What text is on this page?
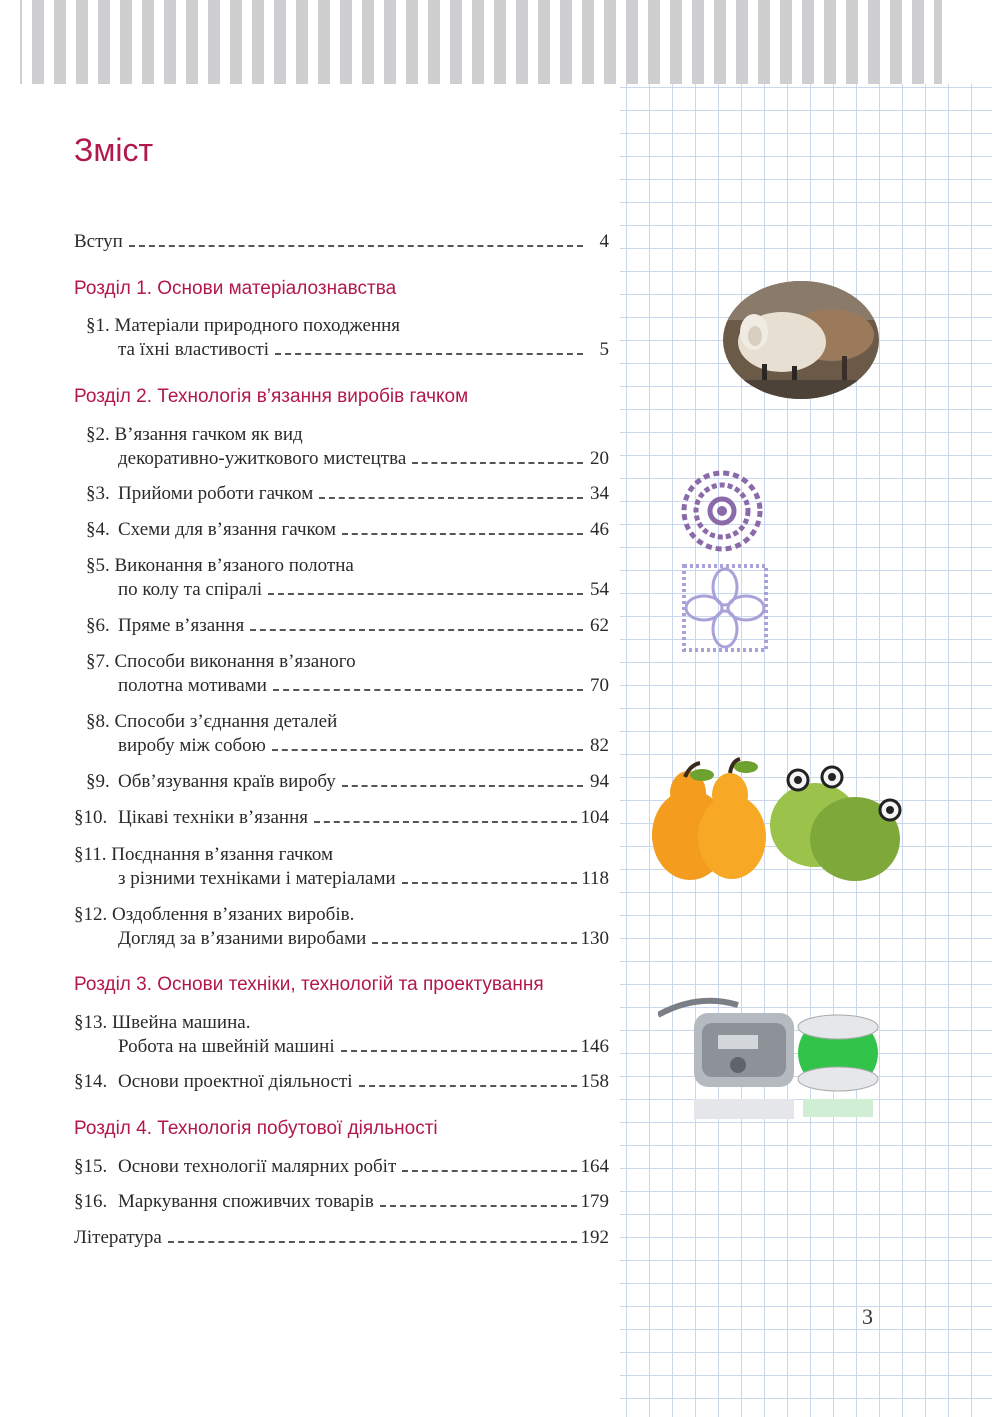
Зміст
Вступ	4
Розділ 1. Основи матеріалознавства
§1. Матеріали природного походження
та їхні властивості	5
Розділ 2. Технологія в’язання виробів гачком
§2. В’язання гачком як вид
декоративно-ужиткового мистецтва	20
§3. Прийоми роботи гачком	34
§4. Схеми для в’язання гачком	46
§5. Виконання в’язаного полотна
по колу та спіралі	54
§6. Пряме в’язання	62
§7. Способи виконання в’язаного
полотна мотивами	70
§8. Способи з’єднання деталей
виробу між собою	82
§9. Обв’язування країв виробу	94
§10. Цікаві техніки в’язання	104
§11. Поєднання в’язання гачком
з різними техніками і матеріалами	118
§12. Оздоблення в’язаних виробів.
Догляд за в’язаними виробами	130
Розділ 3. Основи техніки, технологій та проектування
§13. Швейна машина.
Робота на швейній машині	146
§14. Основи проектної діяльності	158
Розділ 4. Технологія побутової діяльності
§15. Основи технології малярних робіт	164
§16. Маркування споживчих товарів	179
Література	192
3
